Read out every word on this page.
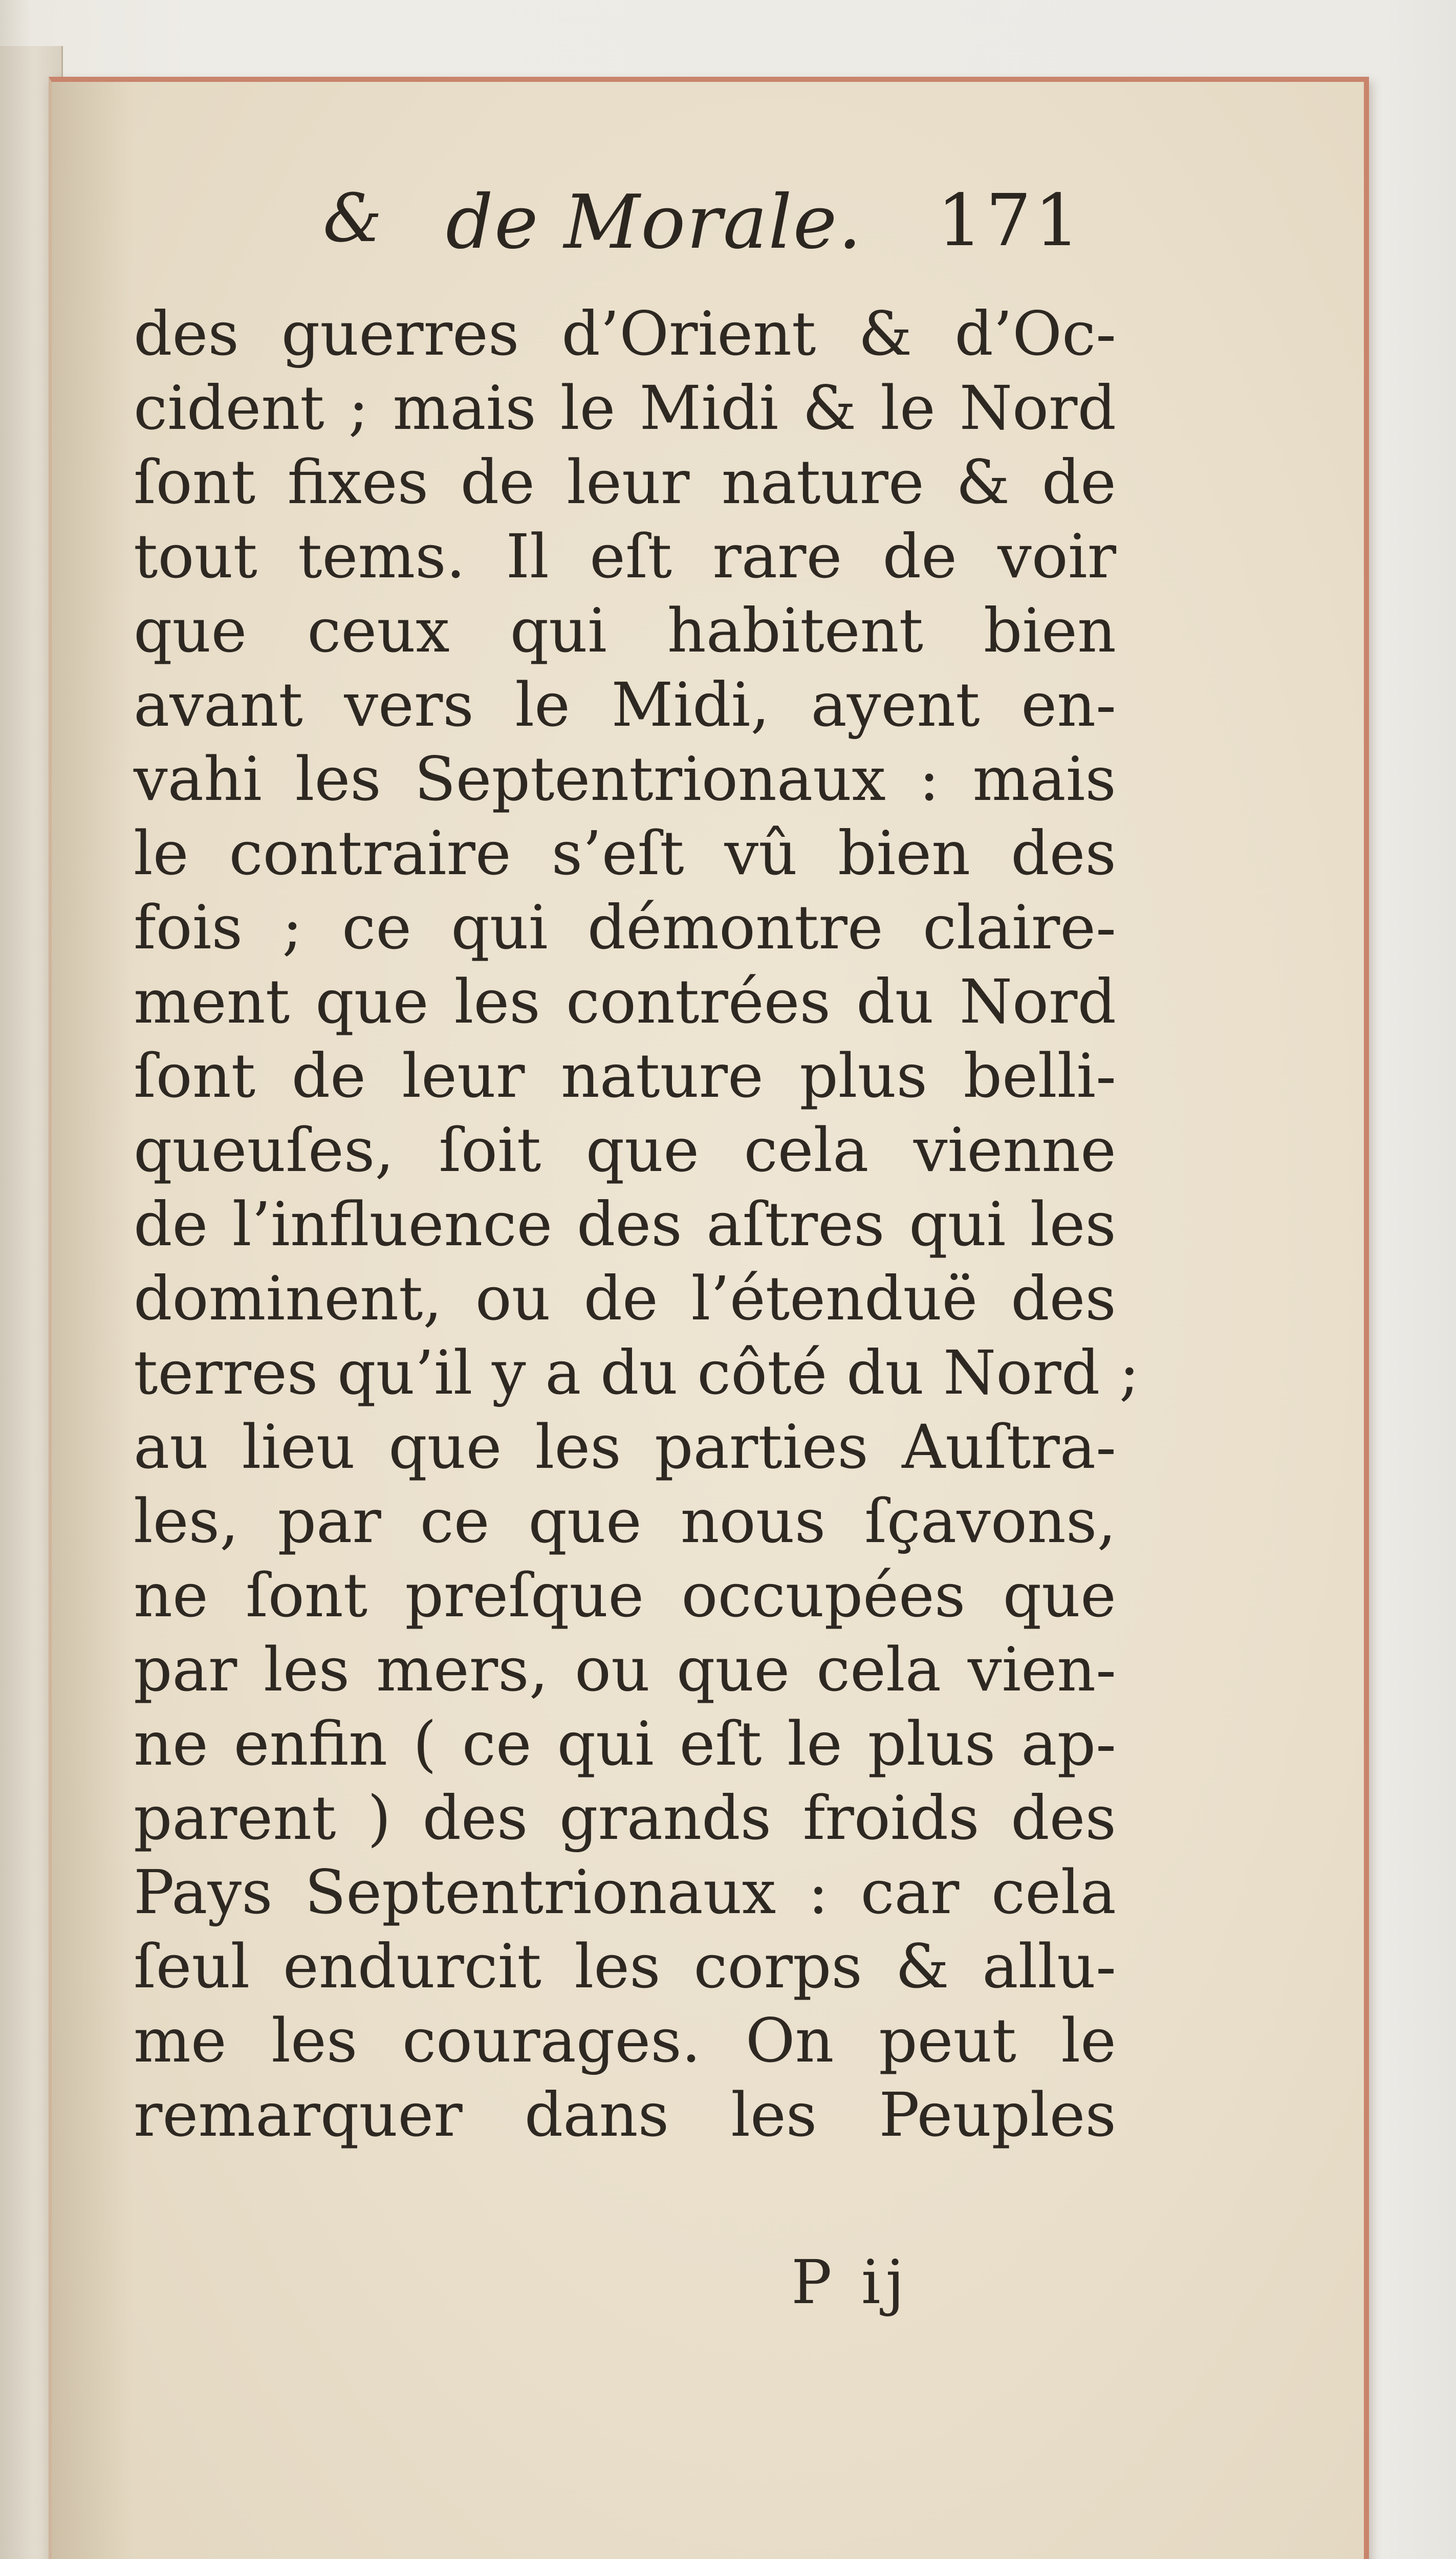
& de Morale. 171
des guerres d’Orient & d’Oc-
cident ; mais le Midi & le Nord
ſont fixes de leur nature & de
tout tems. Il eſt rare de voir
que ceux qui habitent bien
avant vers le Midi, ayent en-
vahi les Septentrionaux : mais
le contraire s’eſt vû bien des
fois ; ce qui démontre claire-
ment que les contrées du Nord
ſont de leur nature plus belli-
queuſes, ſoit que cela vienne
de l’influence des aſtres qui les
dominent, ou de l’étenduë des
terres qu’il y a du côté du Nord ;
au lieu que les parties Auſtra-
les, par ce que nous ſçavons,
ne ſont preſque occupées que
par les mers, ou que cela vien-
ne enfin ( ce qui eſt le plus ap-
parent ) des grands froids des
Pays Septentrionaux : car cela
ſeul endurcit les corps & allu-
me les courages. On peut le
remarquer dans les Peuples
P ij
